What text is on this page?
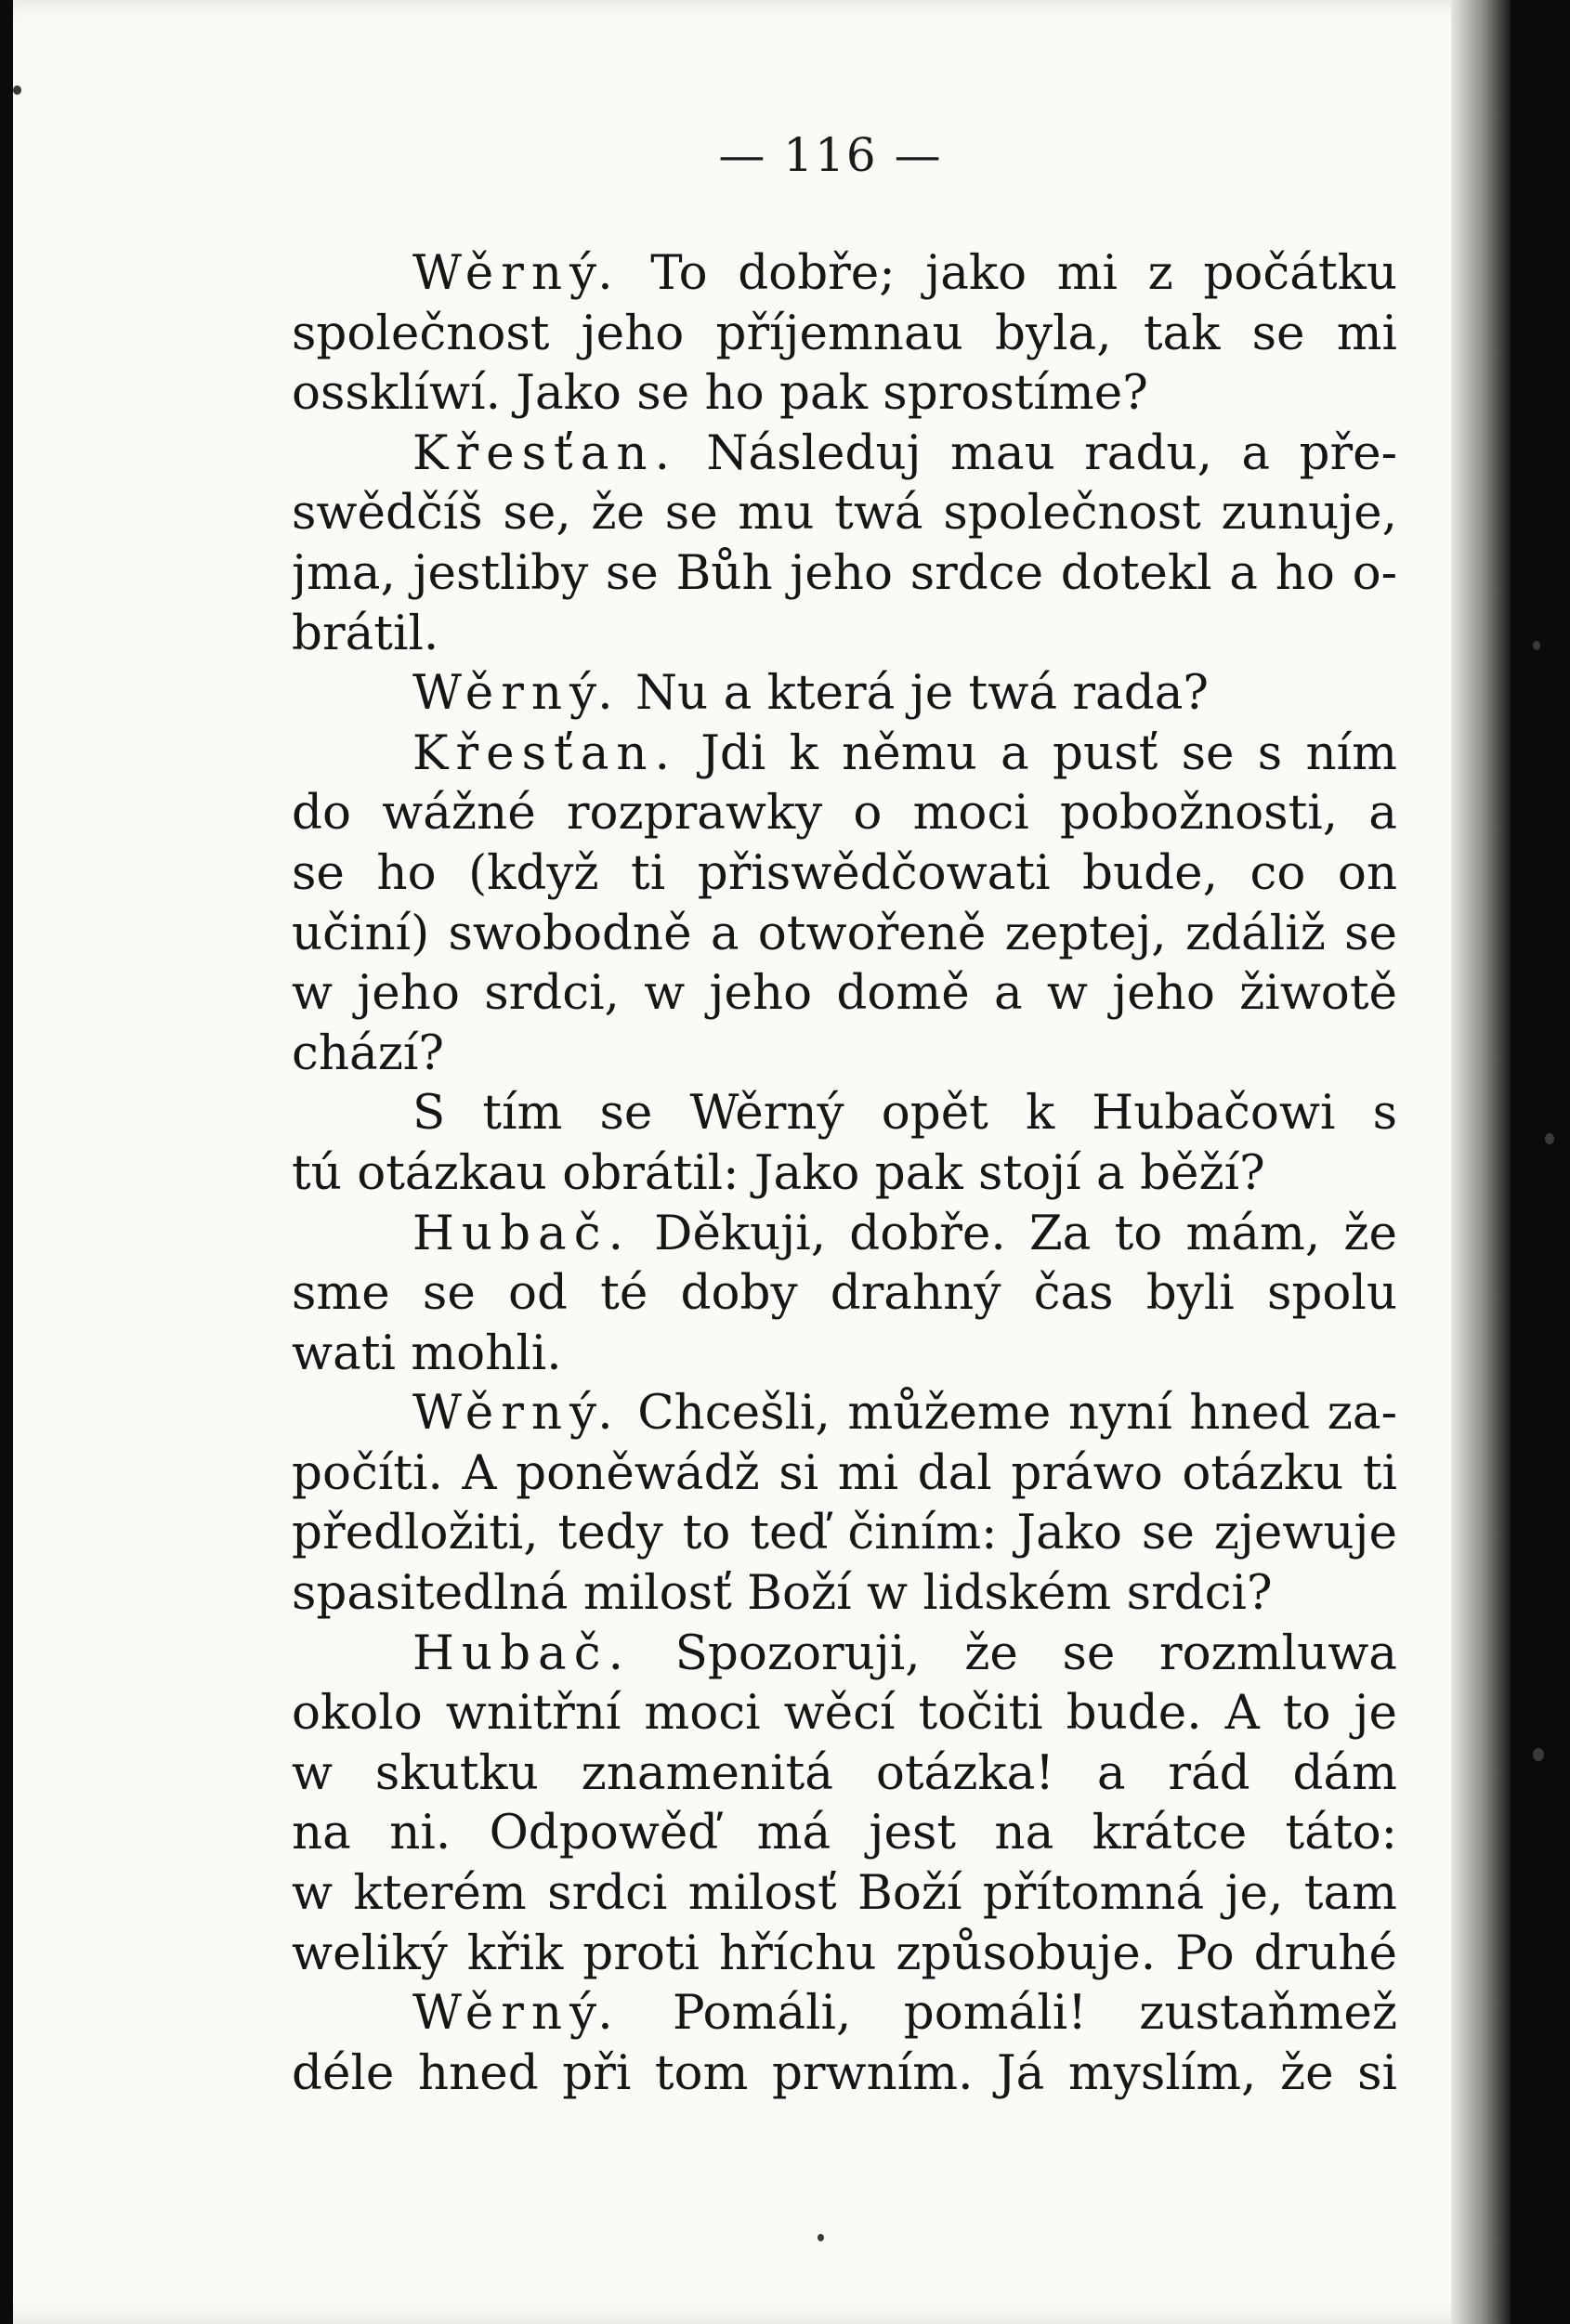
— 116 —
Wěrný. To dobře; jako mi z počátku
společnost jeho příjemnau byla, tak se mi
ossklíwí. Jako se ho pak sprostíme?
Křesťan. Následuj mau radu, a pře-
swědčíš se, že se mu twá společnost zunuje,
jma, jestliby se Bůh jeho srdce dotekl a ho o-
brátil.
Wěrný. Nu a která je twá rada?
Křesťan. Jdi k němu a pusť se s ním
do wážné rozprawky o moci pobožnosti, a
se ho (když ti přiswědčowati bude, co on
učiní) swobodně a otwořeně zeptej, zdáliž se
w jeho srdci, w jeho domě a w jeho žiwotě
chází?
S tím se Wěrný opět k Hubačowi s
tú otázkau obrátil: Jako pak stojí a běží?
Hubač. Děkuji, dobře. Za to mám, že
sme se od té doby drahný čas byli spolu
wati mohli.
Wěrný. Chcešli, můžeme nyní hned za-
počíti. A poněwádž si mi dal práwo otázku ti
předložiti, tedy to teď činím: Jako se zjewuje
spasitedlná milosť Boží w lidském srdci?
Hubač. Spozoruji, že se rozmluwa
okolo wnitřní moci wěcí točiti bude. A to je
w skutku znamenitá otázka! a rád dám
na ni. Odpowěď má jest na krátce táto:
w kterém srdci milosť Boží přítomná je, tam
weliký křik proti hříchu způsobuje. Po druhé
Wěrný. Pomáli, pomáli! zustaňmež
déle hned při tom prwním. Já myslím, že si
